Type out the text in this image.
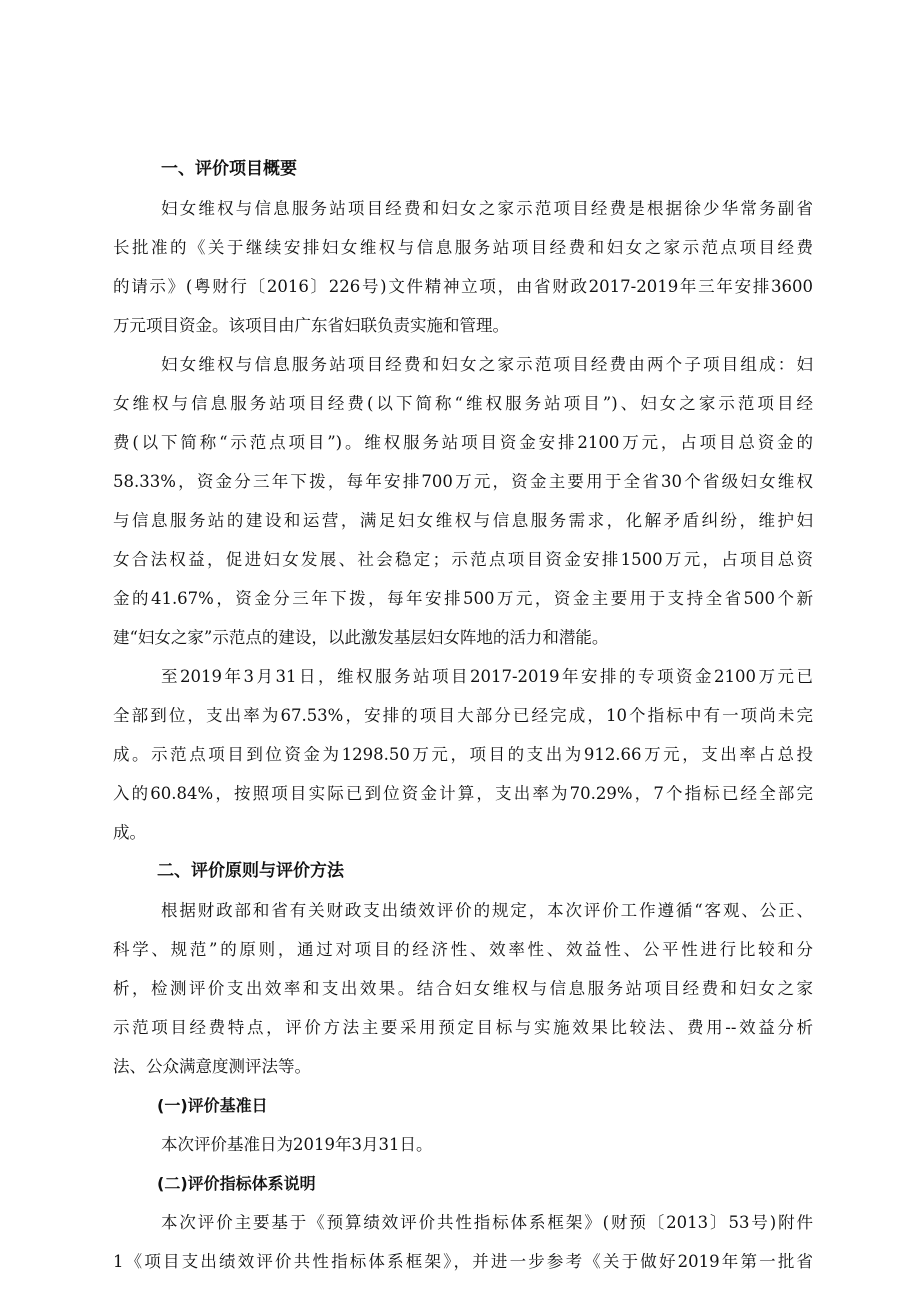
一、评价项目概要
妇女维权与信息服务站项目经费和妇女之家示范项目经费是根据徐少华常务副省
长批准的《关于继续安排妇女维权与信息服务站项目经费和妇女之家示范点项目经费
的请示》(粤财行〔2016〕226号)文件精神立项，由省财政2017-2019年三年安排3600
万元项目资金。该项目由广东省妇联负责实施和管理。
妇女维权与信息服务站项目经费和妇女之家示范项目经费由两个子项目组成：妇
女维权与信息服务站项目经费(以下简称“维权服务站项目”)、妇女之家示范项目经
费(以下简称“示范点项目”)。维权服务站项目资金安排2100万元，占项目总资金的
58.33%，资金分三年下拨，每年安排700万元，资金主要用于全省30个省级妇女维权
与信息服务站的建设和运营，满足妇女维权与信息服务需求，化解矛盾纠纷，维护妇
女合法权益，促进妇女发展、社会稳定；示范点项目资金安排1500万元，占项目总资
金的41.67%，资金分三年下拨，每年安排500万元，资金主要用于支持全省500个新
建“妇女之家”示范点的建设，以此激发基层妇女阵地的活力和潜能。
至2019年3月31日，维权服务站项目2017-2019年安排的专项资金2100万元已
全部到位，支出率为67.53%，安排的项目大部分已经完成，10个指标中有一项尚未完
成。示范点项目到位资金为1298.50万元，项目的支出为912.66万元，支出率占总投
入的60.84%，按照项目实际已到位资金计算，支出率为70.29%，7个指标已经全部完
成。
二、评价原则与评价方法
根据财政部和省有关财政支出绩效评价的规定，本次评价工作遵循“客观、公正、
科学、规范”的原则，通过对项目的经济性、效率性、效益性、公平性进行比较和分
析，检测评价支出效率和支出效果。结合妇女维权与信息服务站项目经费和妇女之家
示范项目经费特点，评价方法主要采用预定目标与实施效果比较法、费用--效益分析
法、公众满意度测评法等。
(一)评价基准日
本次评价基准日为2019年3月31日。
(二)评价指标体系说明
本次评价主要基于《预算绩效评价共性指标体系框架》(财预〔2013〕53号)附件
1《项目支出绩效评价共性指标体系框架》，并进一步参考《关于做好2019年第一批省
